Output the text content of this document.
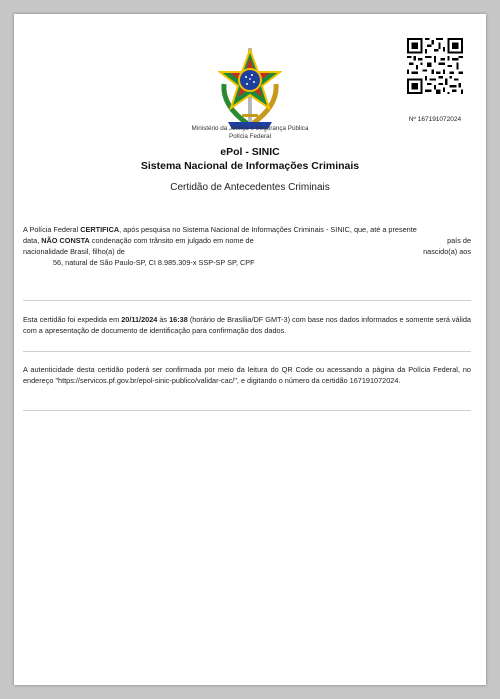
Nº 167191072024
Ministério da Justiça e Segurança Pública
Polícia Federal
ePol - SINIC
Sistema Nacional de Informações Criminais
Certidão de Antecedentes Criminais
A Polícia Federal CERTIFICA, após pesquisa no Sistema Nacional de Informações Criminais - SINIC, que, até a presente
data, NÃO CONSTA condenação com trânsito em julgado em nome de	país de
nacionalidade Brasil, filho(a) de	nascido(a) aos
56, natural de São Paulo-SP, CI 8.985.309-x SSP-SP SP, CPF
Esta certidão foi expedida em 20/11/2024 às 16:38 (horário de Brasília/DF GMT-3) com base nos dados informados e somente será válida com a apresentação de documento de identificação para confirmação dos dados.
A autenticidade desta certidão poderá ser confirmada por meio da leitura do QR Code ou acessando a página da Polícia Federal, no endereço "https://servicos.pf.gov.br/epol-sinic-publico/validar-cac/", e digitando o número da certidão 167191072024.
